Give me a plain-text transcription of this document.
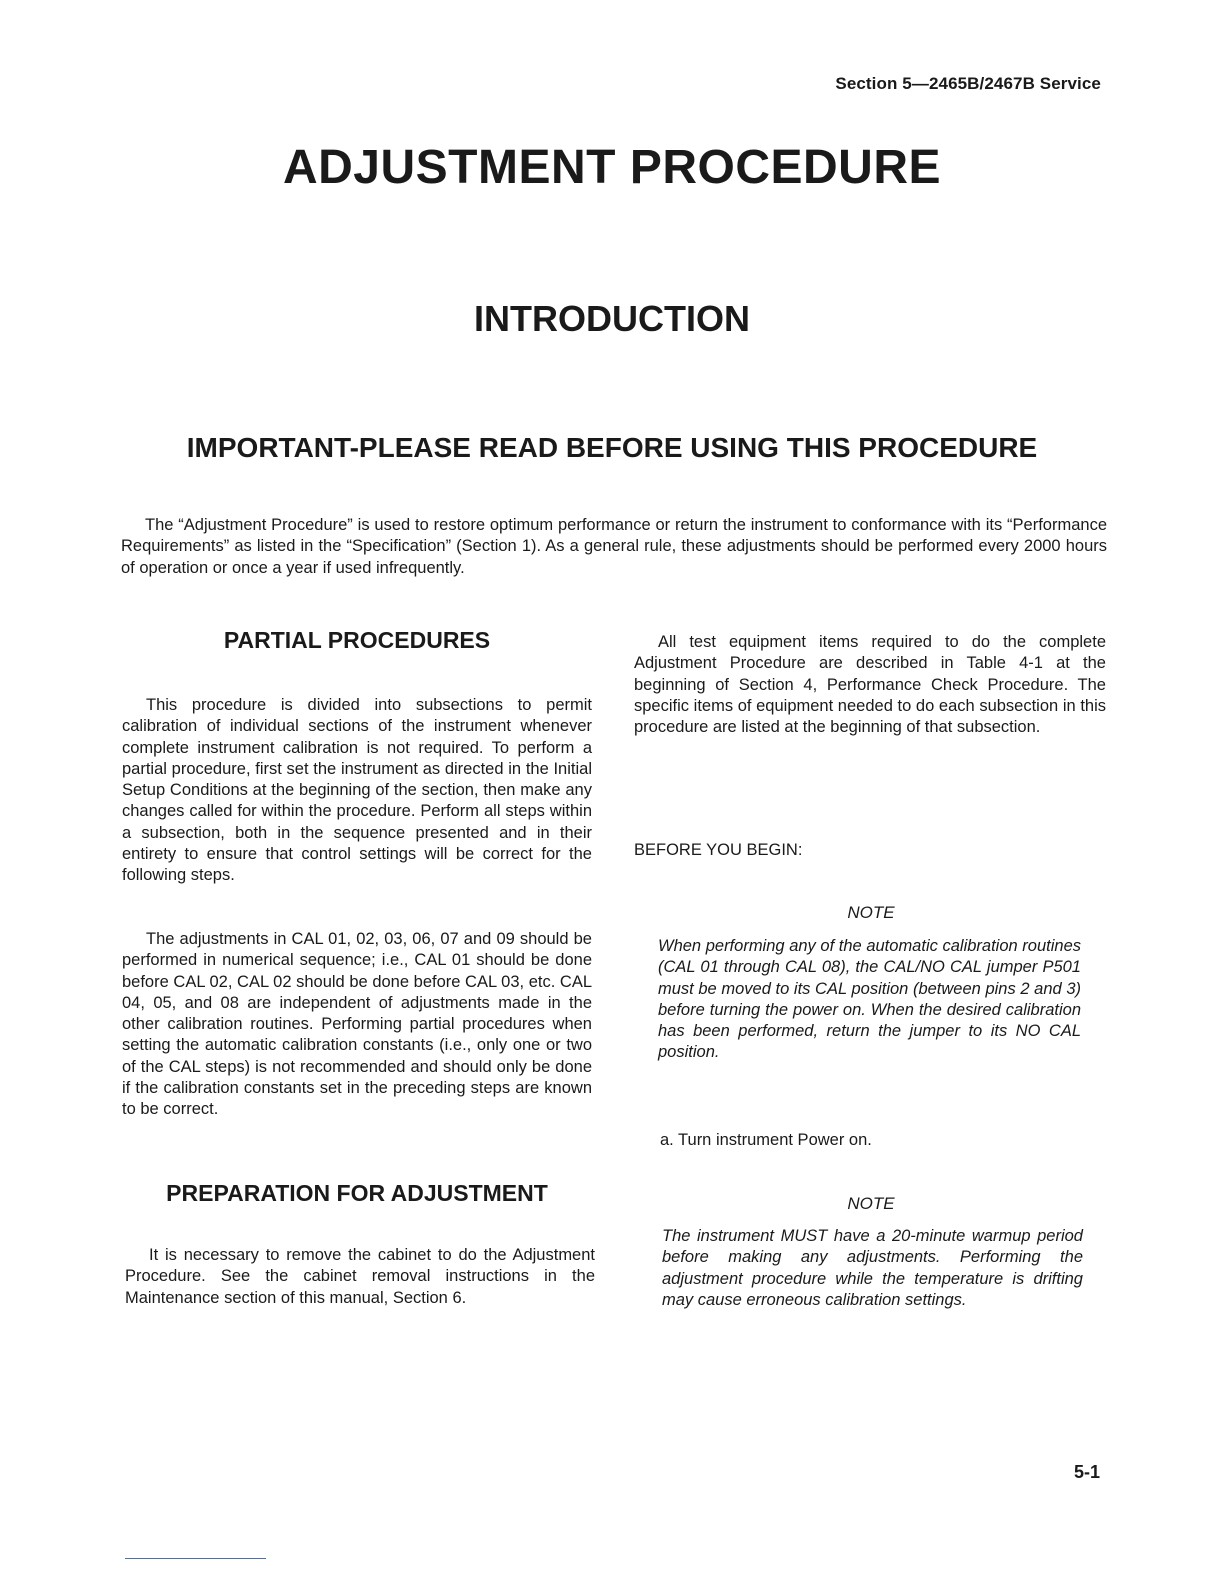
Section 5—2465B/2467B Service
ADJUSTMENT PROCEDURE
INTRODUCTION
IMPORTANT-PLEASE READ BEFORE USING THIS PROCEDURE
The “Adjustment Procedure” is used to restore optimum performance or return the instrument to conformance with its “Performance Requirements” as listed in the “Specification” (Section 1). As a general rule, these adjustments should be performed every 2000 hours of operation or once a year if used infrequently.
PARTIAL PROCEDURES
This procedure is divided into subsections to permit calibration of individual sections of the instrument whenever complete instrument calibration is not required. To perform a partial procedure, first set the instrument as directed in the Initial Setup Conditions at the beginning of the section, then make any changes called for within the procedure. Perform all steps within a subsection, both in the sequence presented and in their entirety to ensure that control settings will be correct for the following steps.
The adjustments in CAL 01, 02, 03, 06, 07 and 09 should be performed in numerical sequence; i.e., CAL 01 should be done before CAL 02, CAL 02 should be done before CAL 03, etc. CAL 04, 05, and 08 are independent of adjustments made in the other calibration routines. Performing partial procedures when setting the automatic calibration constants (i.e., only one or two of the CAL steps) is not recommended and should only be done if the calibration constants set in the preceding steps are known to be correct.
PREPARATION FOR ADJUSTMENT
It is necessary to remove the cabinet to do the Adjustment Procedure. See the cabinet removal instructions in the Maintenance section of this manual, Section 6.
All test equipment items required to do the complete Adjustment Procedure are described in Table 4-1 at the beginning of Section 4, Performance Check Procedure. The specific items of equipment needed to do each subsection in this procedure are listed at the beginning of that subsection.
BEFORE YOU BEGIN:
NOTE
When performing any of the automatic calibration routines (CAL 01 through CAL 08), the CAL/NO CAL jumper P501 must be moved to its CAL position (between pins 2 and 3) before turning the power on. When the desired calibration has been performed, return the jumper to its NO CAL position.
a. Turn instrument Power on.
NOTE
The instrument MUST have a 20-minute warmup period before making any adjustments. Performing the adjustment procedure while the temperature is drifting may cause erroneous calibration settings.
5-1
